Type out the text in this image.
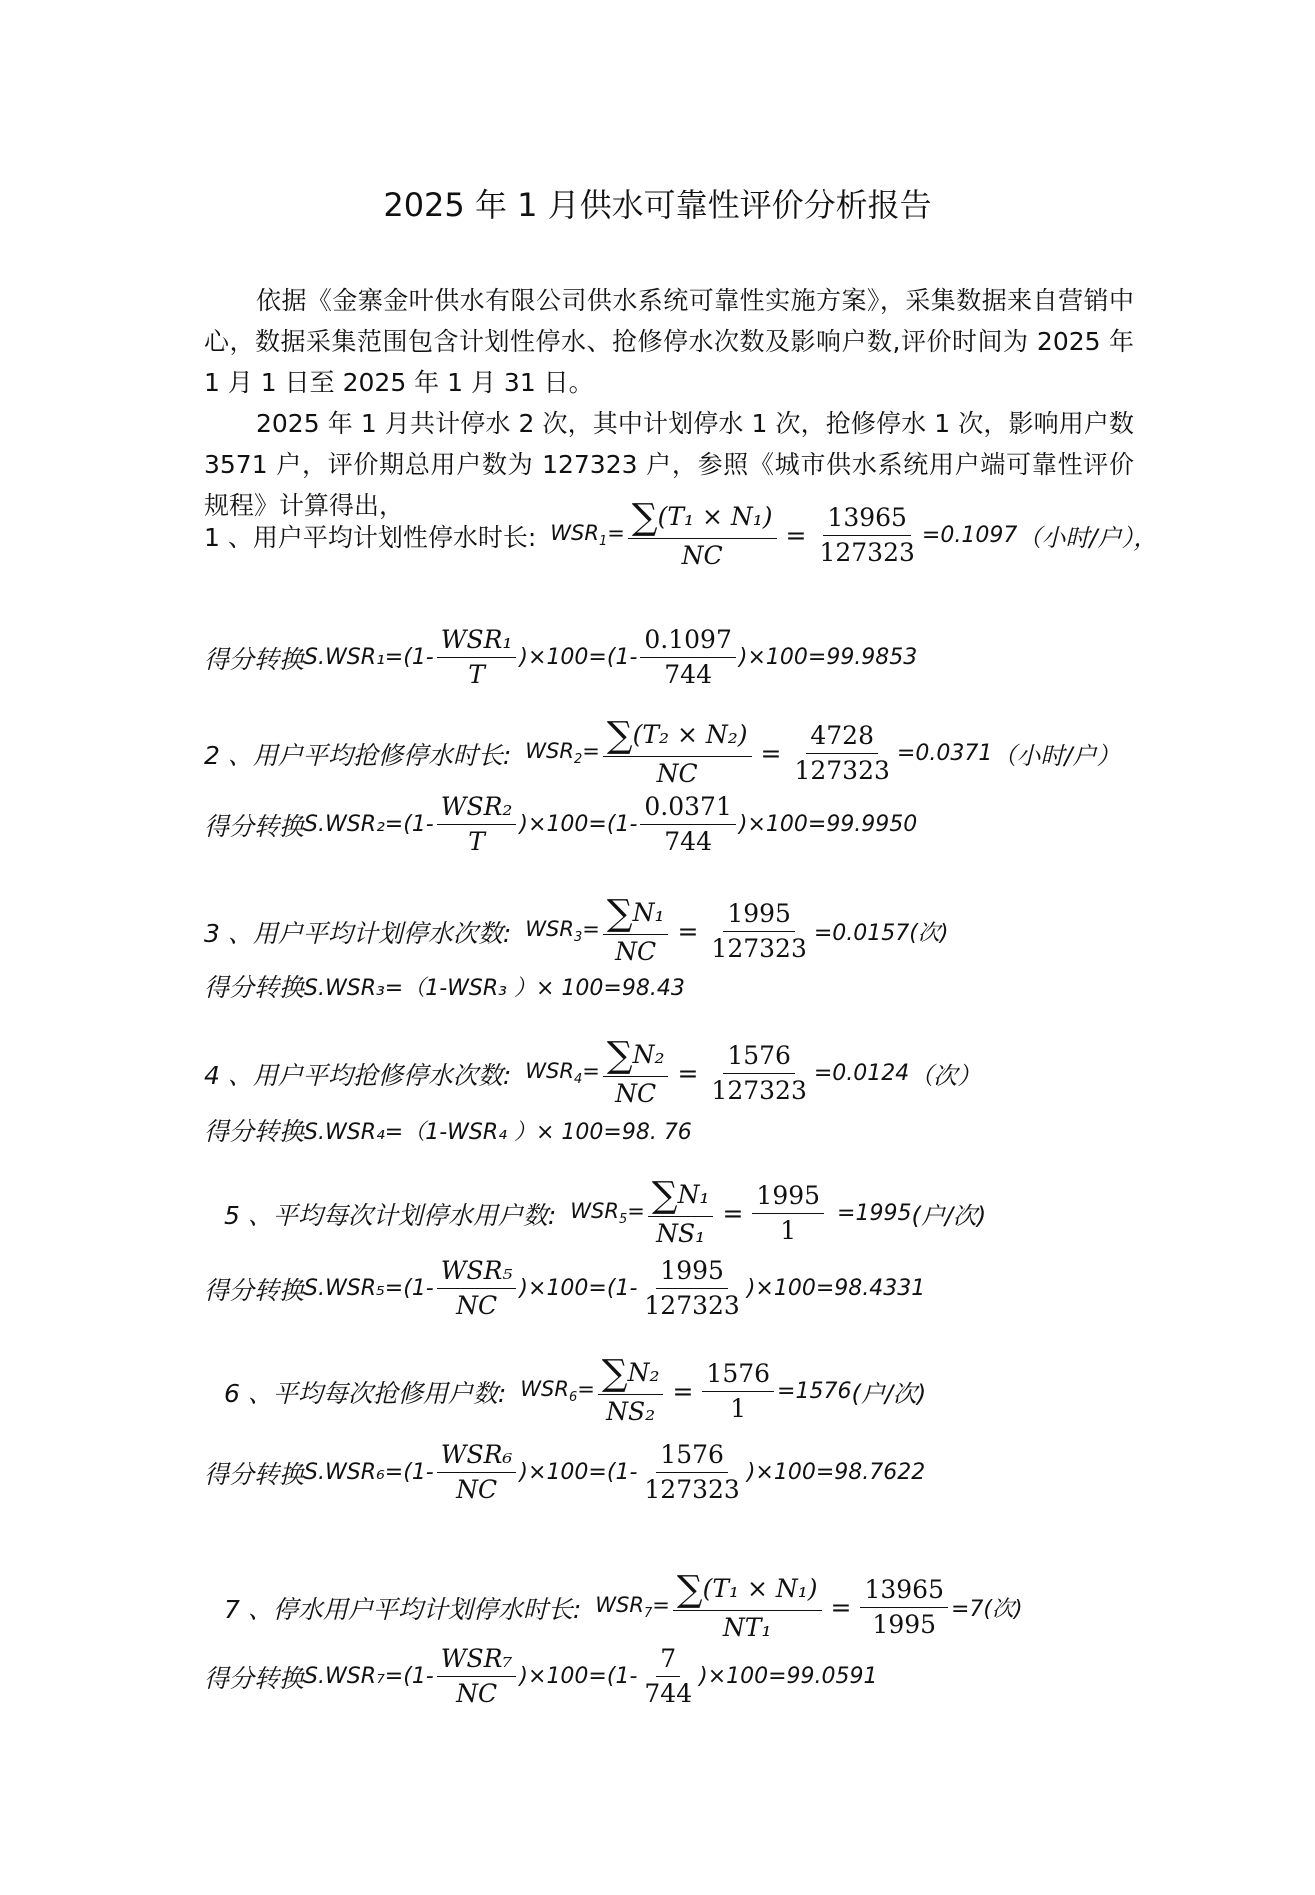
2025 年 1 月供水可靠性评价分析报告

依据《金寨金叶供水有限公司供水系统可靠性实施方案》，采集数据来自营销中心，数据采集范围包含计划性停水、抢修停水次数及影响户数,评价时间为 2025 年 1 月 1 日至 2025 年 1 月 31 日。

2025 年 1 月共计停水 2 次，其中计划停水 1 次，抢修停水 1 次，影响用户数 3571 户，评价期总用户数为 127323 户，参照《城市供水系统用户端可靠性评价规程》计算得出，

1 、用户平均计划性停水时长: $WSR_1= \frac{\text{∑(T₁ × N₁)}}{NC} = \frac{13965}{127323} =0.1097$ （小时/户），
得分转换 $S.WSR_1=(1- \frac{\text{WSR₁}}{T} )\times 100=(1- \frac{0.1097}{744} )\times 100=99.9853$
2 、用户平均抢修停水时长: $WSR_2= \frac{\text{∑(T₂ × N₂)}}{NC} = \frac{4728}{127323} =0.0371$ （小时/户）
得分转换 $S.WSR_2=(1- \frac{\text{WSR₂}}{T} )\times 100=(1- \frac{0.0371}{744} )\times 100=99.9950$
3 、用户平均计划停水次数: $WSR_3= \frac{\text{∑N₁}}{NC} = \frac{1995}{127323} =0.0157$(次)
得分转换 S.WSR₃=（1-WSR₃ ）× 100=98.43
4 、用户平均抢修停水次数: $WSR_4= \frac{\text{∑N₂}}{NC} = \frac{1576}{127323} =0.0124$ （次）
得分转换 S.WSR₄=（1-WSR₄ ）× 100=98. 76
5 、平均每次计划停水用户数: $WSR_5= \frac{\text{∑N₁}}{\text{NS₁}} = \frac{1995}{1} =1995$ (户/次)
得分转换 $S.WSR_5=(1- \frac{\text{WSR₅}}{NC} )\times 100=(1- \frac{1995}{127323} )\times 100=98.4331$
6 、平均每次抢修用户数: $WSR_6= \frac{\text{∑N₂}}{\text{NS₂}} = \frac{1576}{1} =1576$ (户/次)
得分转换 $S.WSR_6=(1- \frac{\text{WSR₆}}{NC} )\times 100=(1- \frac{1576}{127323} )\times 100=98.7622$
7 、停水用户平均计划停水时长: $WSR_7= \frac{\text{∑(T₁ × N₁)}}{\text{NT₁}} = \frac{13965}{1995} =7$(次)
得分转换 $S.WSR_7=(1- \frac{\text{WSR₇}}{NC} )\times 100=(1- \frac{7}{744} )\times 100=99.0591$
